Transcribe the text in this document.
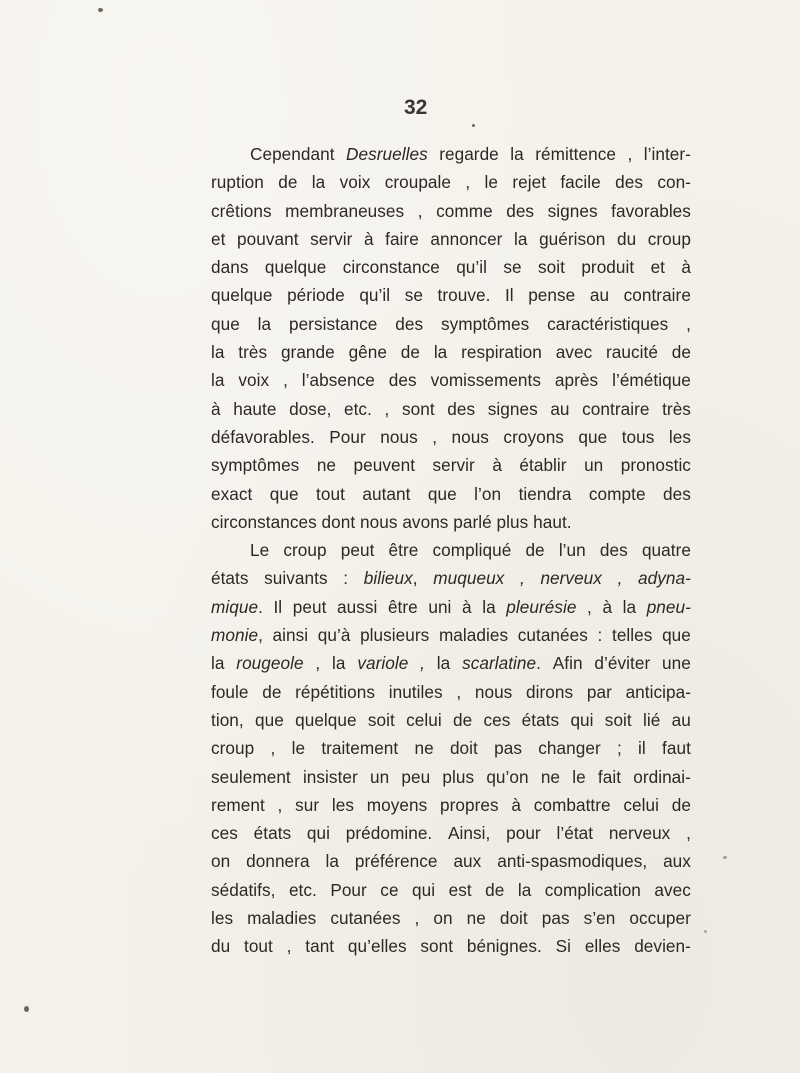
32
Cependant Desruelles regarde la rémittence , l’inter-
ruption de la voix croupale , le rejet facile des con-
crêtions membraneuses , comme des signes favorables
et pouvant servir à faire annoncer la guérison du croup
dans quelque circonstance qu’il se soit produit et à
quelque période qu’il se trouve. Il pense au contraire
que la persistance des symptômes caractéristiques ,
la très grande gêne de la respiration avec raucité de
la voix , l’absence des vomissements après l’émétique
à haute dose, etc. , sont des signes au contraire très
défavorables. Pour nous , nous croyons que tous les
symptômes ne peuvent servir à établir un pronostic
exact que tout autant que l’on tiendra compte des
circonstances dont nous avons parlé plus haut.
Le croup peut être compliqué de l’un des quatre
états suivants : bilieux, muqueux , nerveux , adyna-
mique. Il peut aussi être uni à la pleurésie , à la pneu-
monie, ainsi qu’à plusieurs maladies cutanées : telles que
la rougeole , la variole , la scarlatine. Afin d’éviter une
foule de répétitions inutiles , nous dirons par anticipa-
tion, que quelque soit celui de ces états qui soit lié au
croup , le traitement ne doit pas changer ; il faut
seulement insister un peu plus qu’on ne le fait ordinai-
rement , sur les moyens propres à combattre celui de
ces états qui prédomine. Ainsi, pour l’état nerveux ,
on donnera la préférence aux anti-spasmodiques, aux
sédatifs, etc. Pour ce qui est de la complication avec
les maladies cutanées , on ne doit pas s’en occuper
du tout , tant qu’elles sont bénignes. Si elles devien-
